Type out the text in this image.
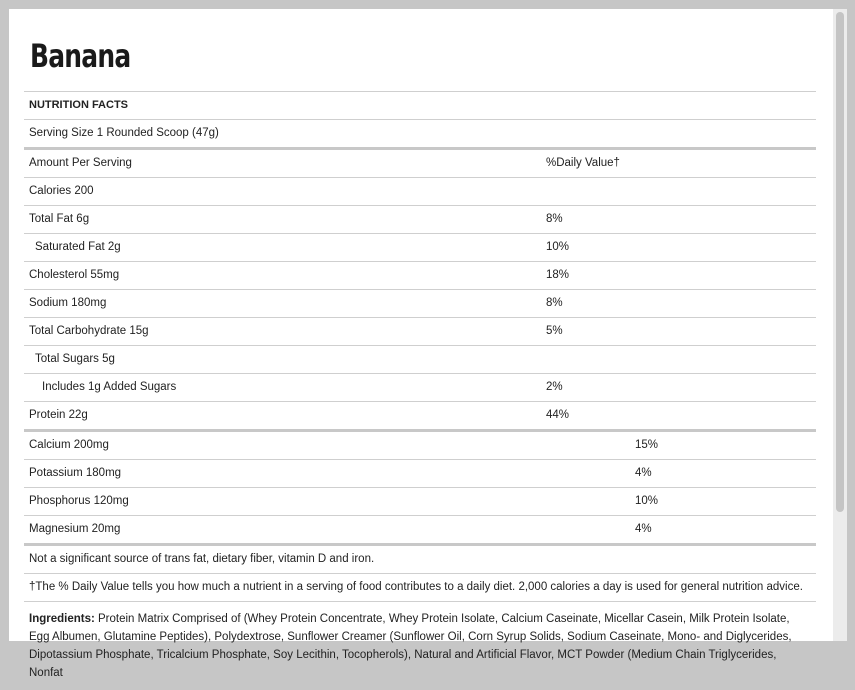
Banana
NUTRITION FACTS
Serving Size 1 Rounded Scoop (47g)
Amount Per Serving	%Daily Value†
Calories 200
Total Fat 6g	8%
Saturated Fat 2g	10%
Cholesterol 55mg	18%
Sodium 180mg	8%
Total Carbohydrate 15g	5%
Total Sugars 5g
Includes 1g Added Sugars	2%
Protein 22g	44%
Calcium 200mg	15%
Potassium 180mg	4%
Phosphorus 120mg	10%
Magnesium 20mg	4%
Not a significant source of trans fat, dietary fiber, vitamin D and iron.
†The % Daily Value tells you how much a nutrient in a serving of food contributes to a daily diet. 2,000 calories a day is used for general nutrition advice.
Ingredients: Protein Matrix Comprised of (Whey Protein Concentrate, Whey Protein Isolate, Calcium Caseinate, Micellar Casein, Milk Protein Isolate, Egg Albumen, Glutamine Peptides), Polydextrose, Sunflower Creamer (Sunflower Oil, Corn Syrup Solids, Sodium Caseinate, Mono- and Diglycerides, Dipotassium Phosphate, Tricalcium Phosphate, Soy Lecithin, Tocopherols), Natural and Artificial Flavor, MCT Powder (Medium Chain Triglycerides, Nonfat
